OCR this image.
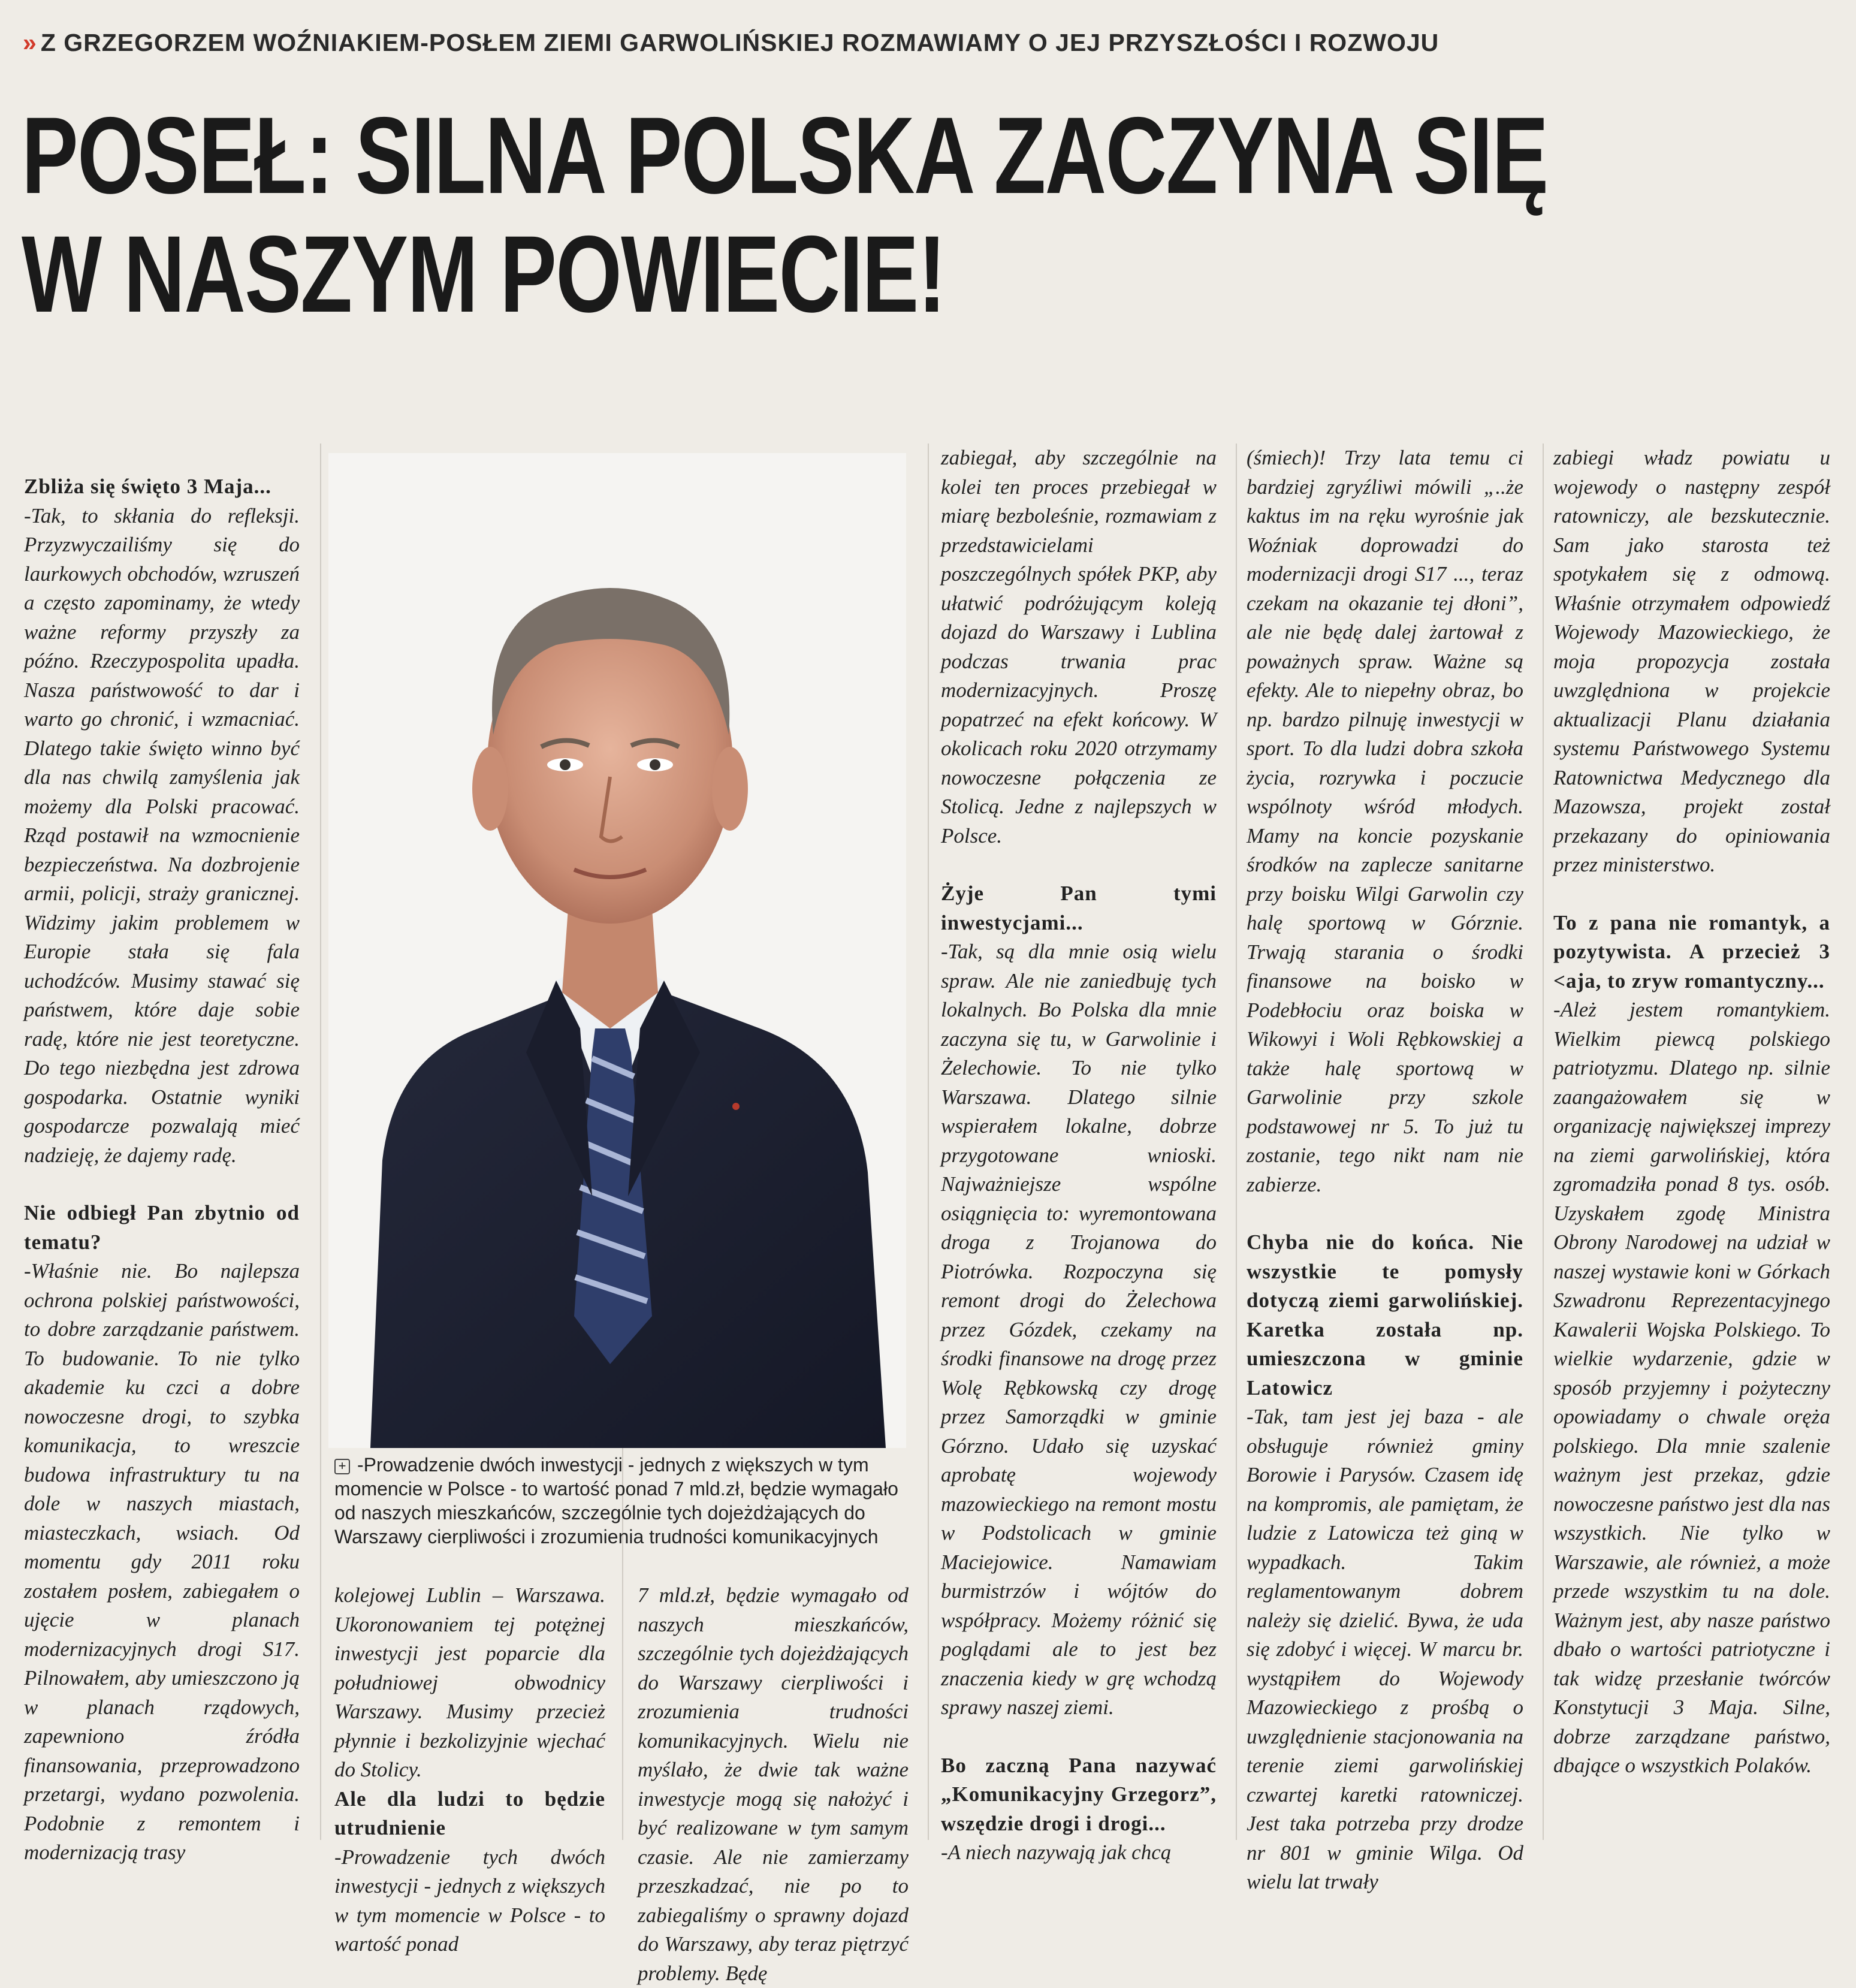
» Z GRZEGORZEM WOŹNIAKIEM-POSŁEM ZIEMI GARWOLIŃSKIEJ ROZMAWIAMY O JEJ PRZYSZŁOŚCI I ROZWOJU
POSEŁ: SILNA POLSKA ZACZYNA SIĘ
W NASZYM POWIECIE!
+ -Prowadzenie dwóch inwestycji - jednych z większych w tym momencie w Polsce - to wartość ponad 7 mld.zł, będzie wymagało od naszych mieszkańców, szczególnie tych dojeżdżających do Warszawy cierpliwości i zrozumienia trudności komunikacyjnych

Zbliża się święto 3 Maja...

-Tak, to skłania do refleksji. Przyzwyczailiśmy się do laurkowych obchodów, wzruszeń a często zapominamy, że wtedy ważne reformy przyszły za późno. Rzeczypospolita upadła. Nasza państwowość to dar i warto go chronić, i wzmacniać. Dlatego takie święto winno być dla nas chwilą zamyślenia jak możemy dla Polski pracować. Rząd postawił na wzmocnienie bezpieczeństwa. Na dozbrojenie armii, policji, straży granicznej. Widzimy jakim problemem w Europie stała się fala uchodźców. Musimy stawać się państwem, które daje sobie radę, które nie jest teoretyczne. Do tego niezbędna jest zdrowa gospodarka. Ostatnie wyniki gospodarcze pozwalają mieć nadzieję, że dajemy radę.

Nie odbiegł Pan zbytnio od tematu?

-Właśnie nie. Bo najlepsza ochrona polskiej państwowości, to dobre zarządzanie państwem. To budowanie. To nie tylko akademie ku czci a dobre nowoczesne drogi, to szybka komunikacja, to wreszcie budowa infrastruktury tu na dole w naszych miastach, miasteczkach, wsiach. Od momentu gdy 2011 roku zostałem posłem, zabiegałem o ujęcie w planach modernizacyjnych drogi S17. Pilnowałem, aby umieszczono ją w planach rządowych, zapewniono źródła finansowania, przeprowadzono przetargi, wydano pozwolenia. Podobnie z remontem i modernizacją trasy

kolejowej Lublin – Warszawa. Ukoronowaniem tej potężnej inwestycji jest poparcie dla południowej obwodnicy Warszawy. Musimy przecież płynnie i bezkolizyjnie wjechać do Stolicy.

Ale dla ludzi to będzie utrudnienie

-Prowadzenie tych dwóch inwestycji - jednych z większych w tym momencie w Polsce - to wartość ponad

7 mld.zł, będzie wymagało od naszych mieszkańców, szczególnie tych dojeżdżających do Warszawy cierpliwości i zrozumienia trudności komunikacyjnych. Wielu nie myślało, że dwie tak ważne inwestycje mogą się nałożyć i być realizowane w tym samym czasie. Ale nie zamierzamy przeszkadzać, nie po to zabiegaliśmy o sprawny dojazd do Warszawy, aby teraz piętrzyć problemy. Będę

zabiegał, aby szczególnie na kolei ten proces przebiegał w miarę bezboleśnie, rozmawiam z przedstawicielami poszczególnych spółek PKP, aby ułatwić podróżującym koleją dojazd do Warszawy i Lublina podczas trwania prac modernizacyjnych. Proszę popatrzeć na efekt końcowy. W okolicach roku 2020 otrzymamy nowoczesne połączenia ze Stolicą. Jedne z najlepszych w Polsce.

Żyje Pan tymi inwestycjami...

-Tak, są dla mnie osią wielu spraw. Ale nie zaniedbuję tych lokalnych. Bo Polska dla mnie zaczyna się tu, w Garwolinie i Żelechowie. To nie tylko Warszawa. Dlatego silnie wspierałem lokalne, dobrze przygotowane wnioski. Najważniejsze wspólne osiągnięcia to: wyremontowana droga z Trojanowa do Piotrówka. Rozpoczyna się remont drogi do Żelechowa przez Gózdek, czekamy na środki finansowe na drogę przez Wolę Rębkowską czy drogę przez Samorządki w gminie Górzno. Udało się uzyskać aprobatę wojewody mazowieckiego na remont mostu w Podstolicach w gminie Maciejowice. Namawiam burmistrzów i wójtów do współpracy. Możemy różnić się poglądami ale to jest bez znaczenia kiedy w grę wchodzą sprawy naszej ziemi.

Bo zaczną Pana nazywać „Komunikacyjny Grzegorz”, wszędzie drogi i drogi...

-A niech nazywają jak chcą

(śmiech)! Trzy lata temu ci bardziej zgryźliwi mówili „..że kaktus im na ręku wyrośnie jak Woźniak doprowadzi do modernizacji drogi S17 ..., teraz czekam na okazanie tej dłoni”, ale nie będę dalej żartował z poważnych spraw. Ważne są efekty. Ale to niepełny obraz, bo np. bardzo pilnuję inwestycji w sport. To dla ludzi dobra szkoła życia, rozrywka i poczucie wspólnoty wśród młodych. Mamy na koncie pozyskanie środków na zaplecze sanitarne przy boisku Wilgi Garwolin czy halę sportową w Górznie. Trwają starania o środki finansowe na boisko w Podebłociu oraz boiska w Wikowyi i Woli Rębkowskiej a także halę sportową w Garwolinie przy szkole podstawowej nr 5. To już tu zostanie, tego nikt nam nie zabierze.

Chyba nie do końca. Nie wszystkie te pomysły dotyczą ziemi garwolińskiej. Karetka została np. umieszczona w gminie Latowicz

-Tak, tam jest jej baza - ale obsługuje również gminy Borowie i Parysów. Czasem idę na kompromis, ale pamiętam, że ludzie z Latowicza też giną w wypadkach. Takim reglamentowanym dobrem należy się dzielić. Bywa, że uda się zdobyć i więcej. W marcu br. wystąpiłem do Wojewody Mazowieckiego z prośbą o uwzględnienie stacjonowania na terenie ziemi garwolińskiej czwartej karetki ratowniczej. Jest taka potrzeba przy drodze nr 801 w gminie Wilga. Od wielu lat trwały

zabiegi władz powiatu u wojewody o następny zespół ratowniczy, ale bezskutecznie. Sam jako starosta też spotykałem się z odmową. Właśnie otrzymałem odpowiedź Wojewody Mazowieckiego, że moja propozycja została uwzględniona w projekcie aktualizacji Planu działania systemu Państwowego Systemu Ratownictwa Medycznego dla Mazowsza, projekt został przekazany do opiniowania przez ministerstwo.

To z pana nie romantyk, a pozytywista. A przecież 3 <aja, to zryw romantyczny...

-Ależ jestem romantykiem. Wielkim piewcą polskiego patriotyzmu. Dlatego np. silnie zaangażowałem się w organizację największej imprezy na ziemi garwolińskiej, która zgromadziła ponad 8 tys. osób. Uzyskałem zgodę Ministra Obrony Narodowej na udział w naszej wystawie koni w Górkach Szwadronu Reprezentacyjnego Kawalerii Wojska Polskiego. To wielkie wydarzenie, gdzie w sposób przyjemny i pożyteczny opowiadamy o chwale oręża polskiego. Dla mnie szalenie ważnym jest przekaz, gdzie nowoczesne państwo jest dla nas wszystkich. Nie tylko w Warszawie, ale również, a może przede wszystkim tu na dole. Ważnym jest, aby nasze państwo dbało o wartości patriotyczne i tak widzę przesłanie twórców Konstytucji 3 Maja. Silne, dobrze zarządzane państwo, dbające o wszystkich Polaków.
